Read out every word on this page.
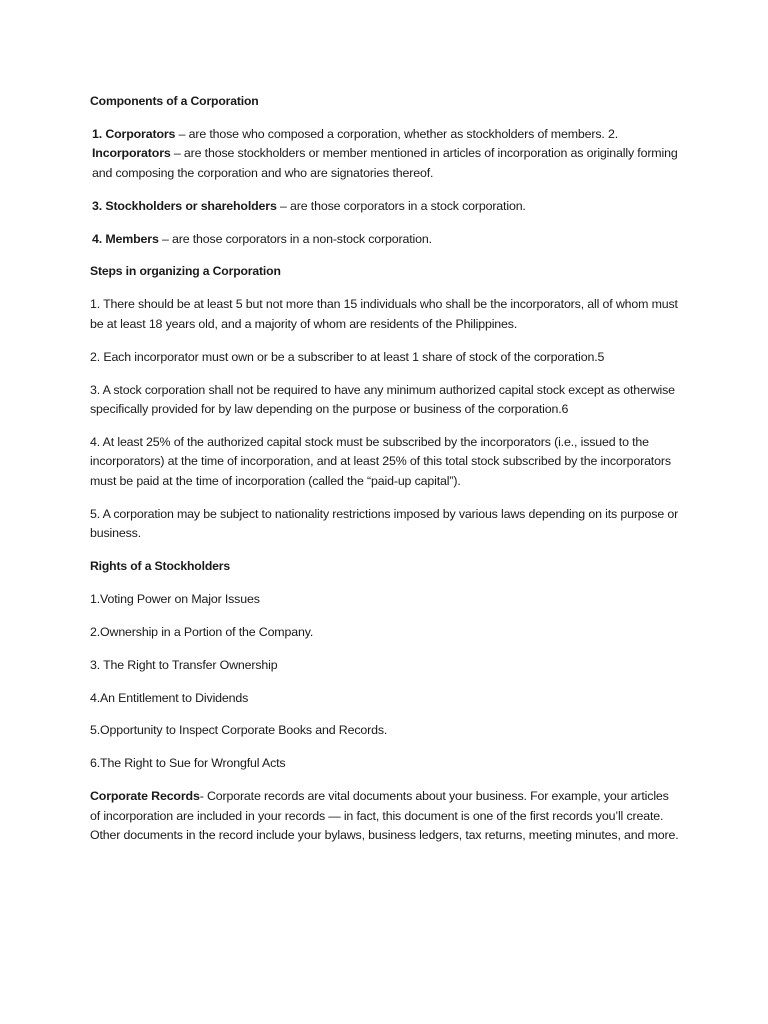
Components of a Corporation

1. Corporators – are those who composed a corporation, whether as stockholders of members. 2. Incorporators – are those stockholders or member mentioned in articles of incorporation as originally forming and composing the corporation and who are signatories thereof.

3. Stockholders or shareholders – are those corporators in a stock corporation.

4. Members – are those corporators in a non-stock corporation.

Steps in organizing a Corporation

1. There should be at least 5 but not more than 15 individuals who shall be the incorporators, all of whom must be at least 18 years old, and a majority of whom are residents of the Philippines.

2. Each incorporator must own or be a subscriber to at least 1 share of stock of the corporation.5

3. A stock corporation shall not be required to have any minimum authorized capital stock except as otherwise specifically provided for by law depending on the purpose or business of the corporation.6

4. At least 25% of the authorized capital stock must be subscribed by the incorporators (i.e., issued to the incorporators) at the time of incorporation, and at least 25% of this total stock subscribed by the incorporators must be paid at the time of incorporation (called the “paid-up capital”).

5. A corporation may be subject to nationality restrictions imposed by various laws depending on its purpose or business.

Rights of a Stockholders

1.Voting Power on Major Issues

2.Ownership in a Portion of the Company.

3. The Right to Transfer Ownership

4.An Entitlement to Dividends

5.Opportunity to Inspect Corporate Books and Records.

6.The Right to Sue for Wrongful Acts

Corporate Records- Corporate records are vital documents about your business. For example, your articles of incorporation are included in your records — in fact, this document is one of the first records you’ll create. Other documents in the record include your bylaws, business ledgers, tax returns, meeting minutes, and more.
